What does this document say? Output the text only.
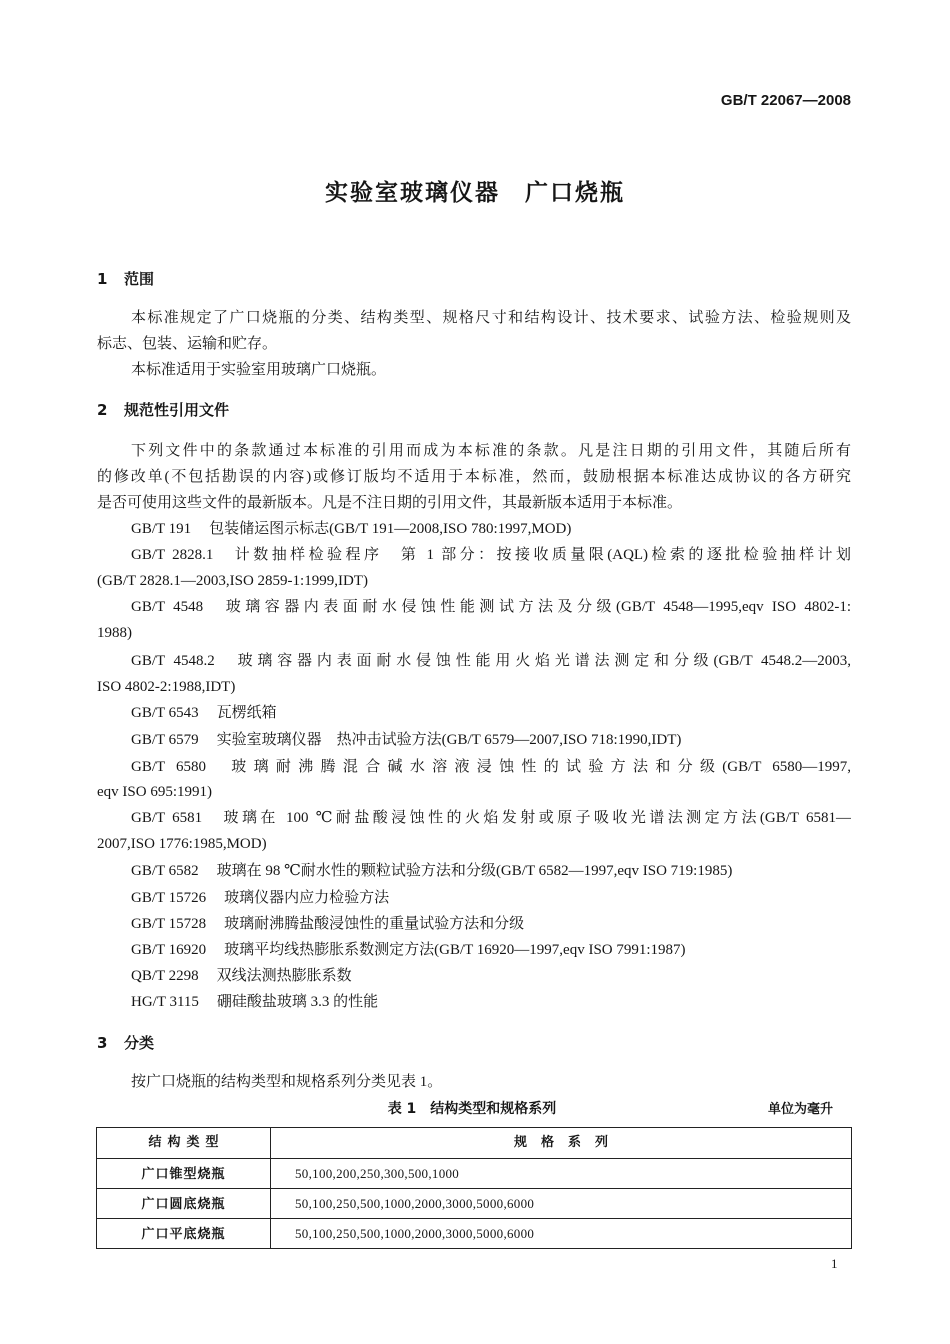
GB/T 22067—2008
实验室玻璃仪器　广口烧瓶
1 范围
本标准规定了广口烧瓶的分类、结构类型、规格尺寸和结构设计、技术要求、试验方法、检验规则及
标志、包装、运输和贮存。
本标准适用于实验室用玻璃广口烧瓶。
2 规范性引用文件
下列文件中的条款通过本标准的引用而成为本标准的条款。凡是注日期的引用文件，其随后所有
的修改单(不包括勘误的内容)或修订版均不适用于本标准，然而，鼓励根据本标准达成协议的各方研究
是否可使用这些文件的最新版本。凡是不注日期的引用文件，其最新版本适用于本标准。
GB/T 191 包装储运图示标志(GB/T 191—2008,ISO 780:1997,MOD)
GB/T 2828.1 计数抽样检验程序　第 1 部分：按接收质量限(AQL)检索的逐批检验抽样计划
(GB/T 2828.1—2003,ISO 2859-1:1999,IDT)
GB/T 4548 玻璃容器内表面耐水侵蚀性能测试方法及分级(GB/T 4548—1995,eqv ISO 4802-1:
1988)
GB/T 4548.2 玻璃容器内表面耐水侵蚀性能用火焰光谱法测定和分级(GB/T 4548.2—2003,
ISO 4802-2:1988,IDT)
GB/T 6543 瓦楞纸箱
GB/T 6579 实验室玻璃仪器　热冲击试验方法(GB/T 6579—2007,ISO 718:1990,IDT)
GB/T 6580 玻璃耐沸腾混合碱水溶液浸蚀性的试验方法和分级(GB/T 6580—1997,
eqv ISO 695:1991)
GB/T 6581 玻璃在 100 ℃耐盐酸浸蚀性的火焰发射或原子吸收光谱法测定方法(GB/T 6581—
2007,ISO 1776:1985,MOD)
GB/T 6582 玻璃在 98 ℃耐水性的颗粒试验方法和分级(GB/T 6582—1997,eqv ISO 719:1985)
GB/T 15726 玻璃仪器内应力检验方法
GB/T 15728 玻璃耐沸腾盐酸浸蚀性的重量试验方法和分级
GB/T 16920 玻璃平均线热膨胀系数测定方法(GB/T 16920—1997,eqv ISO 7991:1987)
QB/T 2298 双线法测热膨胀系数
HG/T 3115 硼硅酸盐玻璃 3.3 的性能
3 分类
按广口烧瓶的结构类型和规格系列分类见表 1。
表 1　结构类型和规格系列	单位为毫升
结构类型	规格系列
广口锥型烧瓶	50,100,200,250,300,500,1000
广口圆底烧瓶	50,100,250,500,1000,2000,3000,5000,6000
广口平底烧瓶	50,100,250,500,1000,2000,3000,5000,6000
1
